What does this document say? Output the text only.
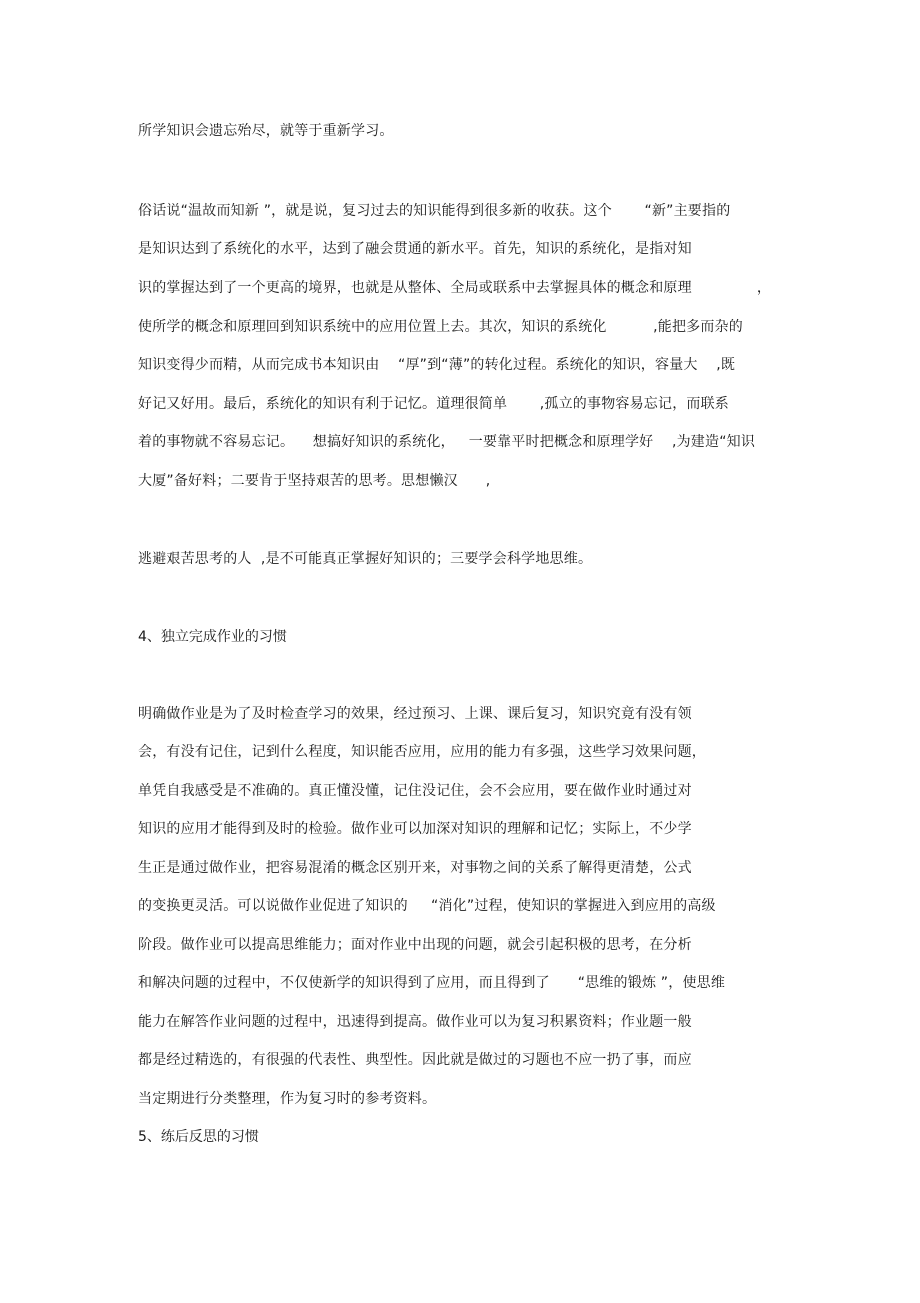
所学知识会遗忘殆尽，就等于重新学习。
俗话说“温故而知新 ”，就是说，复习过去的知识能得到很多新的收获。这个       “新”主要指的
是知识达到了系统化的水平，达到了融会贯通的新水平。首先，知识的系统化，是指对知
识的掌握达到了一个更高的境界，也就是从整体、全局或联系中去掌握具体的概念和原理              ，
使所学的概念和原理回到知识系统中的应用位置上去。其次，知识的系统化          ,能把多而杂的
知识变得少而精，从而完成书本知识由    “厚”到“薄”的转化过程。系统化的知识，容量大    ,既
好记又好用。最后，系统化的知识有利于记忆。道理很简单       ,孤立的事物容易忘记，而联系
着的事物就不容易忘记。    想搞好知识的系统化，   一要靠平时把概念和原理学好    ,为建造“知识
大厦”备好料；二要肯于坚持艰苦的思考。思想懒汉      ,
逃避艰苦思考的人  ,是不可能真正掌握好知识的；三要学会科学地思维。
4、独立完成作业的习惯
明确做作业是为了及时检查学习的效果，经过预习、上课、课后复习，知识究竟有没有领
会，有没有记住，记到什么程度，知识能否应用，应用的能力有多强，这些学习效果问题，
单凭自我感受是不准确的。真正懂没懂，记住没记住，会不会应用，要在做作业时通过对
知识的应用才能得到及时的检验。做作业可以加深对知识的理解和记忆；实际上，不少学
生正是通过做作业，把容易混淆的概念区别开来，对事物之间的关系了解得更清楚，公式
的变换更灵活。可以说做作业促进了知识的     “消化”过程，使知识的掌握进入到应用的高级
阶段。做作业可以提高思维能力；面对作业中出现的问题，就会引起积极的思考，在分析
和解决问题的过程中，不仅使新学的知识得到了应用，而且得到了      “思维的锻炼 ”，使思维
能力在解答作业问题的过程中，迅速得到提高。做作业可以为复习积累资料；作业题一般
都是经过精选的，有很强的代表性、典型性。因此就是做过的习题也不应一扔了事，而应
当定期进行分类整理，作为复习时的参考资料。
5、练后反思的习惯
